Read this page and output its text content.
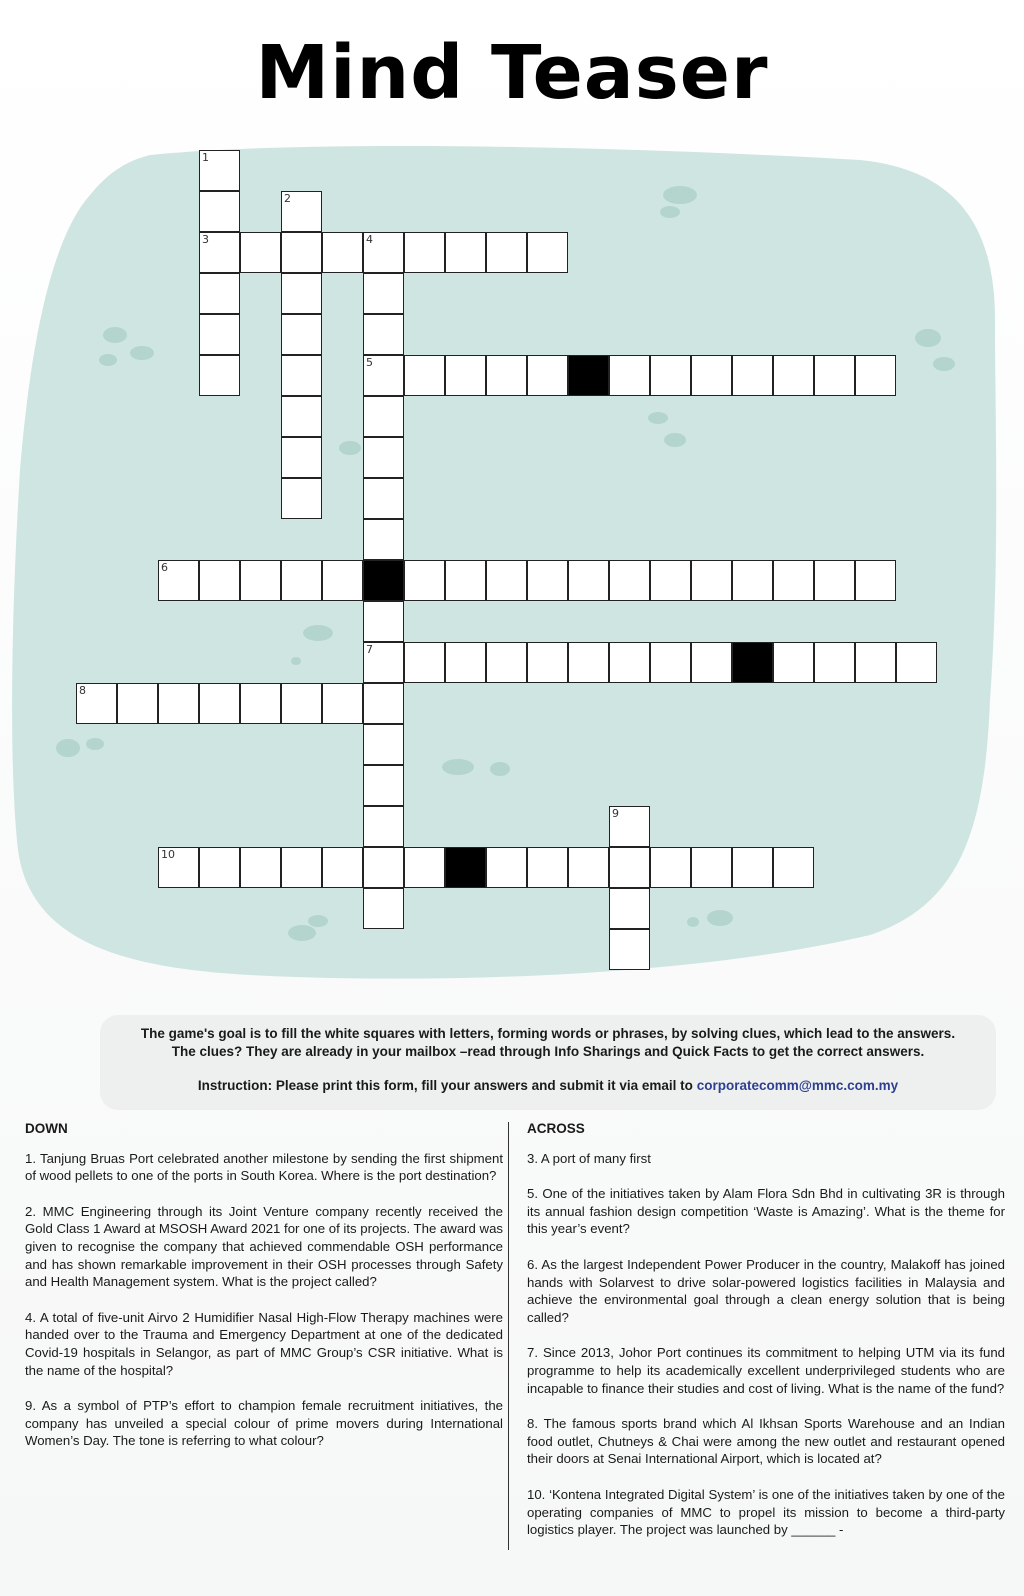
Mind Teaser
1
3
2
4
5
6
7
8
9
10

The game's goal is to fill the white squares with letters, forming words or phrases, by solving clues, which lead to the answers.

The clues? They are already in your mailbox –read through Info Sharings and Quick Facts to get the correct answers.

Instruction: Please print this form, fill your answers and submit it via email to corporatecomm@mmc.com.my

DOWN

1. Tanjung Bruas Port celebrated another milestone by sending the first shipment of wood pellets to one of the ports in South Korea. Where is the port destination?

2. MMC Engineering through its Joint Venture company recently received the Gold Class 1 Award at MSOSH Award 2021 for one of its projects. The award was given to recognise the company that achieved commendable OSH performance and has shown remarkable improvement in their OSH processes through Safety and Health Management system. What is the project called?

4. A total of five-unit Airvo 2 Humidifier Nasal High-Flow Therapy machines were handed over to the Trauma and Emergency Department at one of the dedicated Covid-19 hospitals in Selangor, as part of MMC Group’s CSR initiative. What is the name of the hospital?

9. As a symbol of PTP’s effort to champion female recruitment initiatives, the company has unveiled a special colour of prime movers during International Women’s Day. The tone is referring to what colour?

ACROSS

3. A port of many first

5. One of the initiatives taken by Alam Flora Sdn Bhd in cultivating 3R is through its annual fashion design competition ‘Waste is Amazing’. What is the theme for this year’s event?

6. As the largest Independent Power Producer in the country, Malakoff has joined hands with Solarvest to drive solar-powered logistics facilities in Malaysia and achieve the environmental goal through a clean energy solution that is being called?

7. Since 2013, Johor Port continues its commitment to helping UTM via its fund programme to help its academically excellent underprivileged students who are incapable to finance their studies and cost of living. What is the name of the fund?

8. The famous sports brand which Al Ikhsan Sports Warehouse and an Indian food outlet, Chutneys & Chai were among the new outlet and restaurant opened their doors at Senai International Airport, which is located at?

10. ‘Kontena Integrated Digital System’ is one of the initiatives taken by one of the operating companies of MMC to propel its mission to become a third-party logistics player. The project was launched by ______ -
